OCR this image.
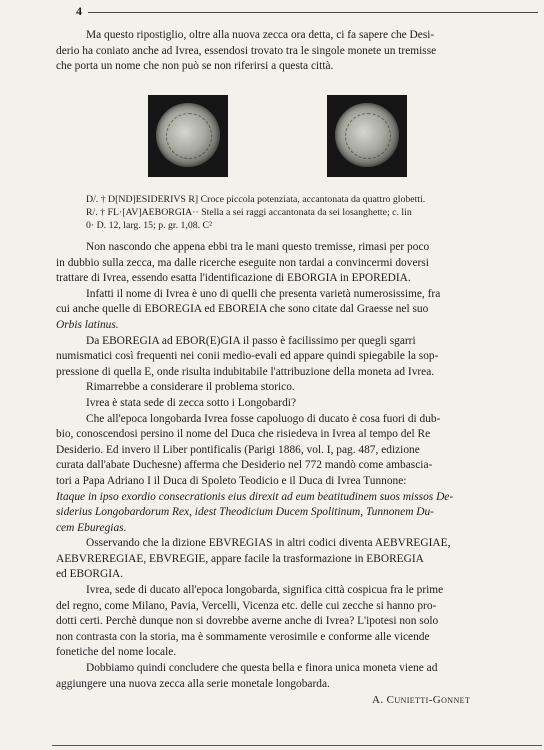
4
Ma questo ripostiglio, oltre alla nuova zecca ora detta, ci fa sapere che Desi-
derio ha coniato anche ad Ivrea, essendosi trovato tra le singole monete un tremisse
che porta un nome che non può se non riferirsi a questa città.
D/. † D[ND]ESIDERIVS R] Croce piccola potenziata, accantonata da quattro globetti.
R/. † FL·[AV]AEBORGIA·· Stella a sei raggi accantonata da sei losanghette; c. lin
0· D. 12, larg. 15; p. gr. 1,08. C²
Non nascondo che appena ebbi tra le mani questo tremisse, rimasi per poco
in dubbio sulla zecca, ma dalle ricerche eseguite non tardai a convincermi doversi
trattare di Ivrea, essendo esatta l'identificazione di EBORGIA in EPOREDIA.
Infatti il nome di Ivrea è uno di quelli che presenta varietà numerosissime, fra
cui anche quelle di EBOREGIA ed EBOREIA che sono citate dal Graesse nel suo
Orbis latinus.
Da EBOREGIA ad EBOR(E)GIA il passo è facilissimo per quegli sgarri
numismatici così frequenti nei conii medio-evali ed appare quindi spiegabile la sop-
pressione di quella E, onde risulta indubitabile l'attribuzione della moneta ad Ivrea.
Rimarrebbe a considerare il problema storico.
Ivrea è stata sede di zecca sotto i Longobardi?
Che all'epoca longobarda Ivrea fosse capoluogo di ducato è cosa fuori di dub-
bio, conoscendosi persino il nome del Duca che risiedeva in Ivrea al tempo del Re
Desiderio. Ed invero il Liber pontificalis (Parigi 1886, vol. I, pag. 487, edizione
curata dall'abate Duchesne) afferma che Desiderio nel 772 mandò come ambascia-
tori a Papa Adriano I il Duca di Spoleto Teodicio e il Duca di Ivrea Tunnone:
Itaque in ipso exordio consecrationis eius direxit ad eum beatitudinem suos missos De-
siderius Longobardorum Rex, idest Theodicium Ducem Spolitinum, Tunnonem Du-
cem Eburegias.
Osservando che la dizione EBVREGIAS in altri codici diventa AEBVREGIAE,
AEBVREREGIAE, EBVREGIE, appare facile la trasformazione in EBOREGIA
ed EBORGIA.
Ivrea, sede di ducato all'epoca longobarda, significa città cospicua fra le prime
del regno, come Milano, Pavia, Vercelli, Vicenza etc. delle cui zecche si hanno pro-
dotti certi. Perchè dunque non si dovrebbe averne anche di Ivrea? L'ipotesi non solo
non contrasta con la storia, ma è sommamente verosimile e conforme alle vicende
fonetiche del nome locale.
Dobbiamo quindi concludere che questa bella e finora unica moneta viene ad
aggiungere una nuova zecca alla serie monetale longobarda.
A. Cunietti-Gonnet
